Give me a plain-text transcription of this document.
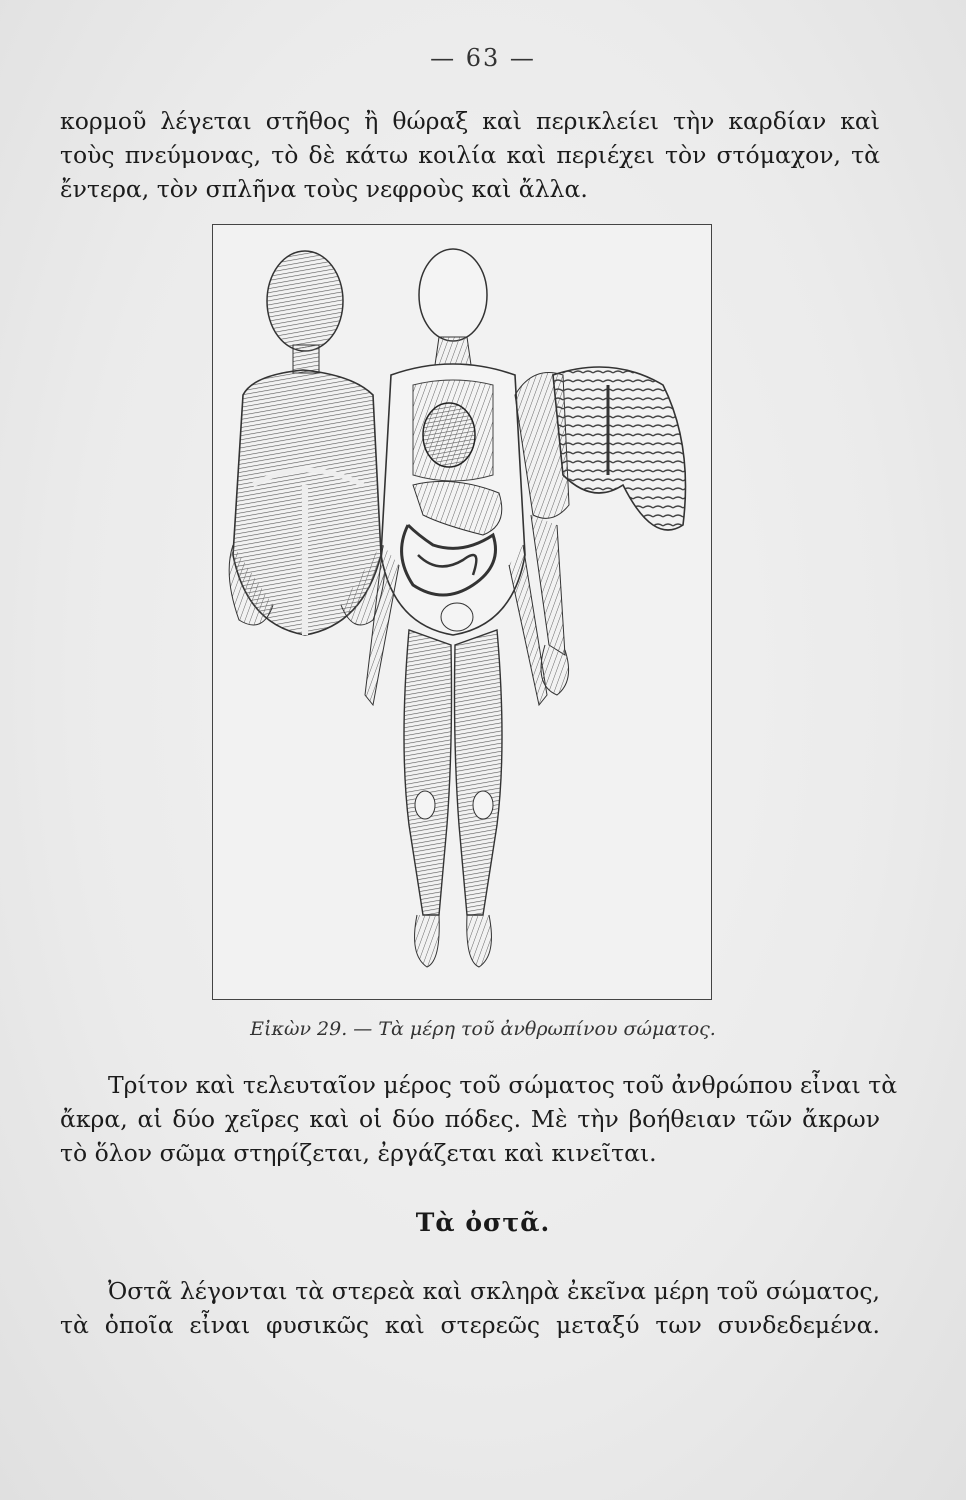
— 63 —
κορμοῦ λέγεται στῆθος ἢ θώραξ καὶ περικλείει τὴν καρδίαν καὶ
τοὺς πνεύμονας, τὸ δὲ κάτω κοιλία καὶ περιέχει τὸν στόμαχον, τὰ
ἔντερα, τὸν σπλῆνα τοὺς νεφροὺς καὶ ἄλλα.
Εἰκὼν 29. — Τὰ μέρη τοῦ ἀνθρωπίνου σώματος.
Τρίτον καὶ τελευταῖον μέρος τοῦ σώματος τοῦ ἀνθρώπου εἶναι τὰ
ἄκρα, αἱ δύο χεῖρες καὶ οἱ δύο πόδες. Μὲ τὴν βοήθειαν τῶν ἄκρων
τὸ ὅλον σῶμα στηρίζεται, ἐργάζεται καὶ κινεῖται.
Τὰ ὀστᾶ.
Ὀστᾶ λέγονται τὰ στερεὰ καὶ σκληρὰ ἐκεῖνα μέρη τοῦ σώματος,
τὰ ὁποῖα εἶναι φυσικῶς καὶ στερεῶς μεταξύ των συνδεδεμένα.
